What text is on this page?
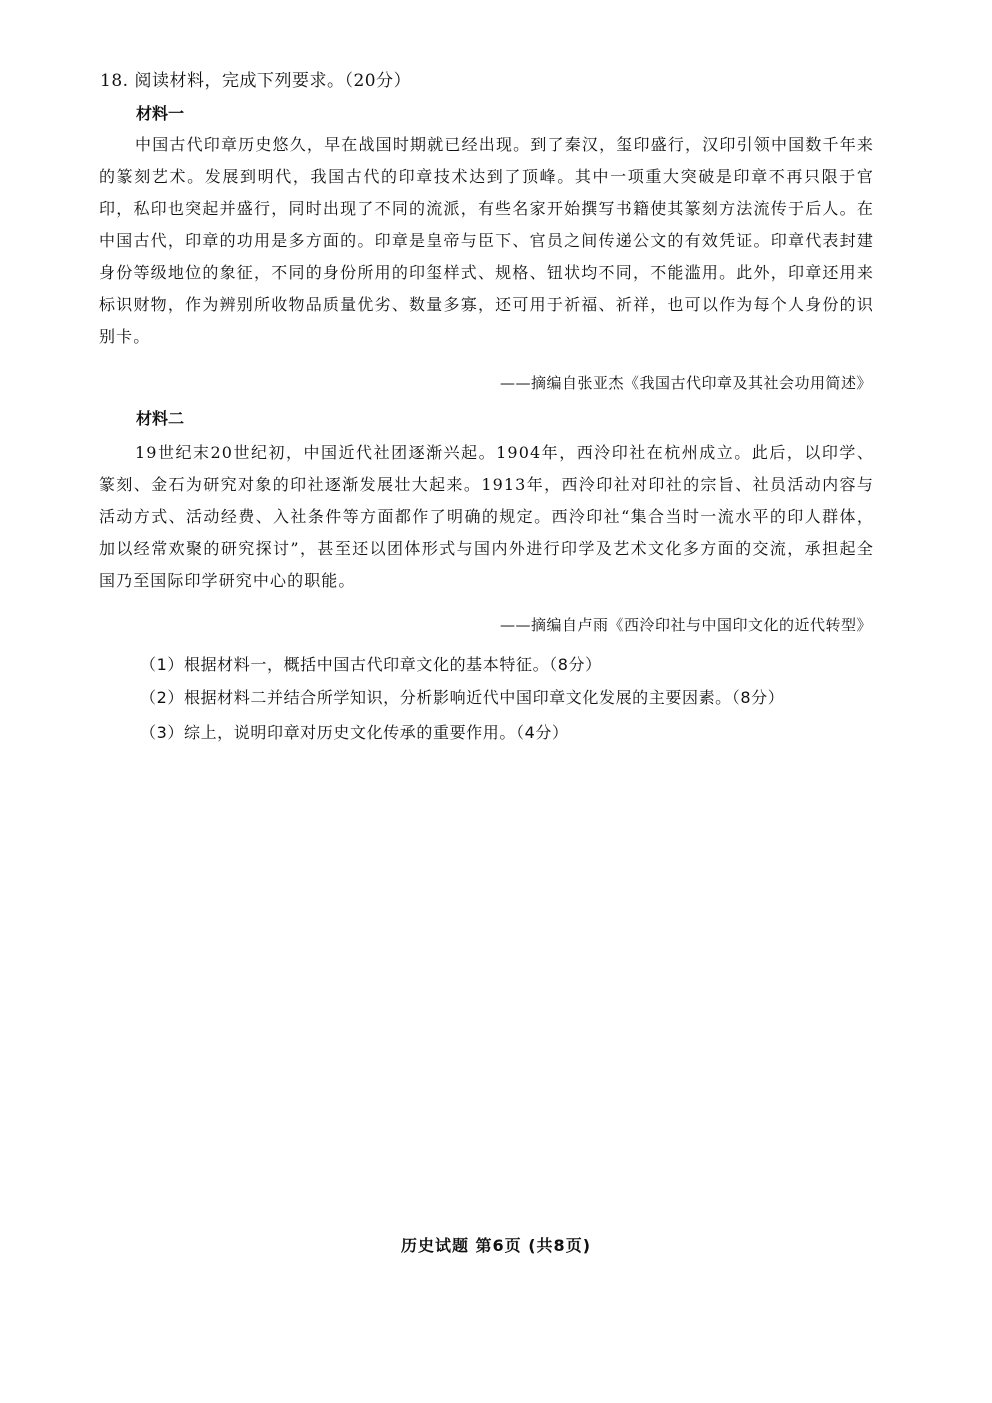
18. 阅读材料，完成下列要求。（20分）
材料一
中国古代印章历史悠久，早在战国时期就已经出现。到了秦汉，玺印盛行，汉印引领中国数千年来的篆刻艺术。发展到明代，我国古代的印章技术达到了顶峰。其中一项重大突破是印章不再只限于官印，私印也突起并盛行，同时出现了不同的流派，有些名家开始撰写书籍使其篆刻方法流传于后人。在中国古代，印章的功用是多方面的。印章是皇帝与臣下、官员之间传递公文的有效凭证。印章代表封建身份等级地位的象征，不同的身份所用的印玺样式、规格、钮状均不同，不能滥用。此外，印章还用来标识财物，作为辨别所收物品质量优劣、数量多寡，还可用于祈福、祈祥，也可以作为每个人身份的识别卡。
——摘编自张亚杰《我国古代印章及其社会功用简述》
材料二
19世纪末20世纪初，中国近代社团逐渐兴起。1904年，西泠印社在杭州成立。此后，以印学、篆刻、金石为研究对象的印社逐渐发展壮大起来。1913年，西泠印社对印社的宗旨、社员活动内容与活动方式、活动经费、入社条件等方面都作了明确的规定。西泠印社“集合当时一流水平的印人群体，加以经常欢聚的研究探讨”，甚至还以团体形式与国内外进行印学及艺术文化多方面的交流，承担起全国乃至国际印学研究中心的职能。
——摘编自卢雨《西泠印社与中国印文化的近代转型》
（1）根据材料一，概括中国古代印章文化的基本特征。（8分）
（2）根据材料二并结合所学知识，分析影响近代中国印章文化发展的主要因素。（8分）
（3）综上，说明印章对历史文化传承的重要作用。（4分）
历史试题 第6页 (共8页)
